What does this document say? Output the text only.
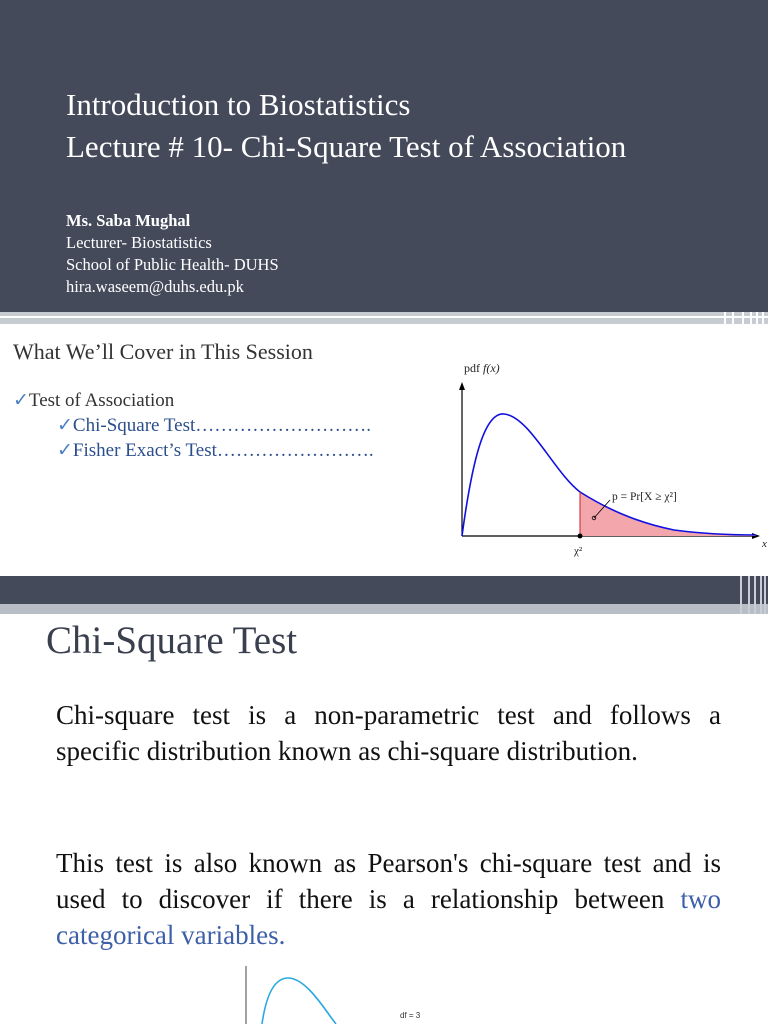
Introduction to Biostatistics
Lecture # 10- Chi-Square Test of Association
Ms. Saba Mughal
Lecturer- Biostatistics
School of Public Health- DUHS
hira.waseem@duhs.edu.pk
What We’ll Cover in This Session
✓Test of Association
✓Chi-Square Test……………………….
✓Fisher Exact’s Test…………………….
pdf f(x)
x
χ²
p = Pr[X ≥ χ²]
Chi-Square Test
Chi-square test is a non-parametric test and follows a specific distribution known as chi-square distribution.
This test is also known as Pearson's chi-square test and is used to discover if there is a relationship between two categorical variables.
df = 3
